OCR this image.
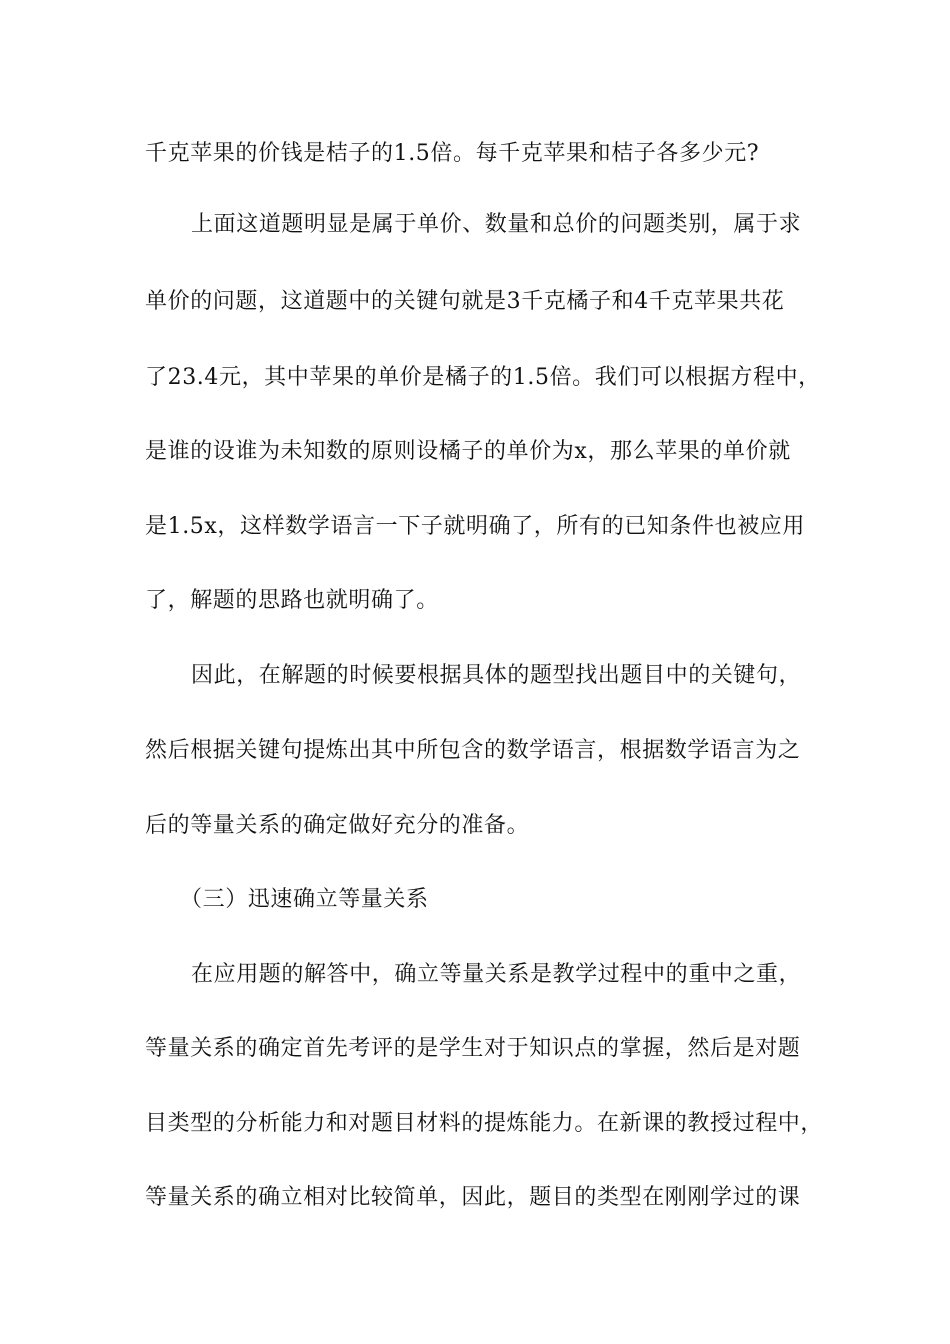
千克苹果的价钱是桔子的1.5倍。每千克苹果和桔子各多少元?
上面这道题明显是属于单价、数量和总价的问题类别，属于求
单价的问题，这道题中的关键句就是3千克橘子和4千克苹果共花
了23.4元，其中苹果的单价是橘子的1.5倍。我们可以根据方程中，
是谁的设谁为未知数的原则设橘子的单价为x，那么苹果的单价就
是1.5x，这样数学语言一下子就明确了，所有的已知条件也被应用
了，解题的思路也就明确了。
因此，在解题的时候要根据具体的题型找出题目中的关键句，
然后根据关键句提炼出其中所包含的数学语言，根据数学语言为之
后的等量关系的确定做好充分的准备。
（三）迅速确立等量关系
在应用题的解答中，确立等量关系是教学过程中的重中之重，
等量关系的确定首先考评的是学生对于知识点的掌握，然后是对题
目类型的分析能力和对题目材料的提炼能力。在新课的教授过程中，
等量关系的确立相对比较简单，因此，题目的类型在刚刚学过的课
